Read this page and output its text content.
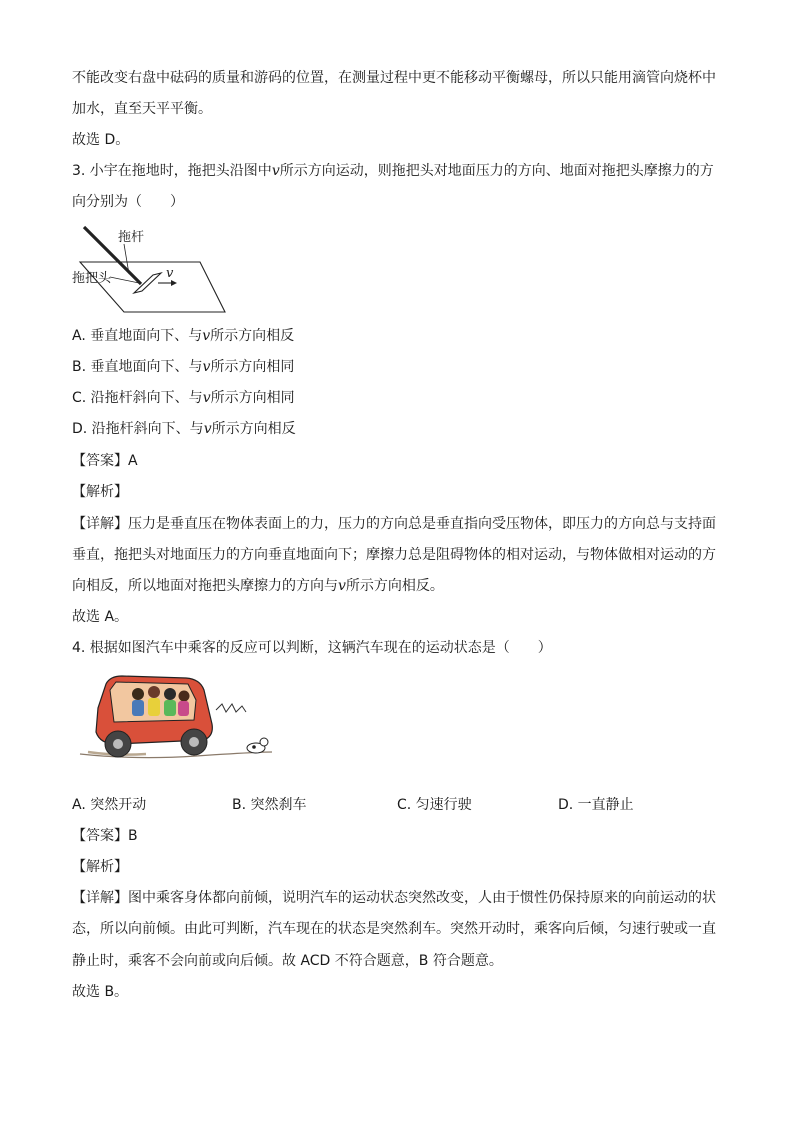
不能改变右盘中砝码的质量和游码的位置，在测量过程中更不能移动平衡螺母，所以只能用滴管向烧杯中
加水，直至天平平衡。
故选 D。
3. 小宇在拖地时，拖把头沿图中v所示方向运动，则拖把头对地面压力的方向、地面对拖把头摩擦力的方
向分别为（　　）
拖杆
拖把头	v
A. 垂直地面向下、与v所示方向相反
B. 垂直地面向下、与v所示方向相同
C. 沿拖杆斜向下、与v所示方向相同
D. 沿拖杆斜向下、与v所示方向相反
【答案】A
【解析】
【详解】压力是垂直压在物体表面上的力，压力的方向总是垂直指向受压物体，即压力的方向总与支持面
垂直，拖把头对地面压力的方向垂直地面向下；摩擦力总是阻碍物体的相对运动，与物体做相对运动的方
向相反，所以地面对拖把头摩擦力的方向与v所示方向相反。
故选 A。
4. 根据如图汽车中乘客的反应可以判断，这辆汽车现在的运动状态是（　　）
A. 突然开动	B. 突然刹车	C. 匀速行驶	D. 一直静止
【答案】B
【解析】
【详解】图中乘客身体都向前倾，说明汽车的运动状态突然改变，人由于惯性仍保持原来的向前运动的状
态，所以向前倾。由此可判断，汽车现在的状态是突然刹车。突然开动时，乘客向后倾，匀速行驶或一直
静止时，乘客不会向前或向后倾。故 ACD 不符合题意，B 符合题意。
故选 B。
